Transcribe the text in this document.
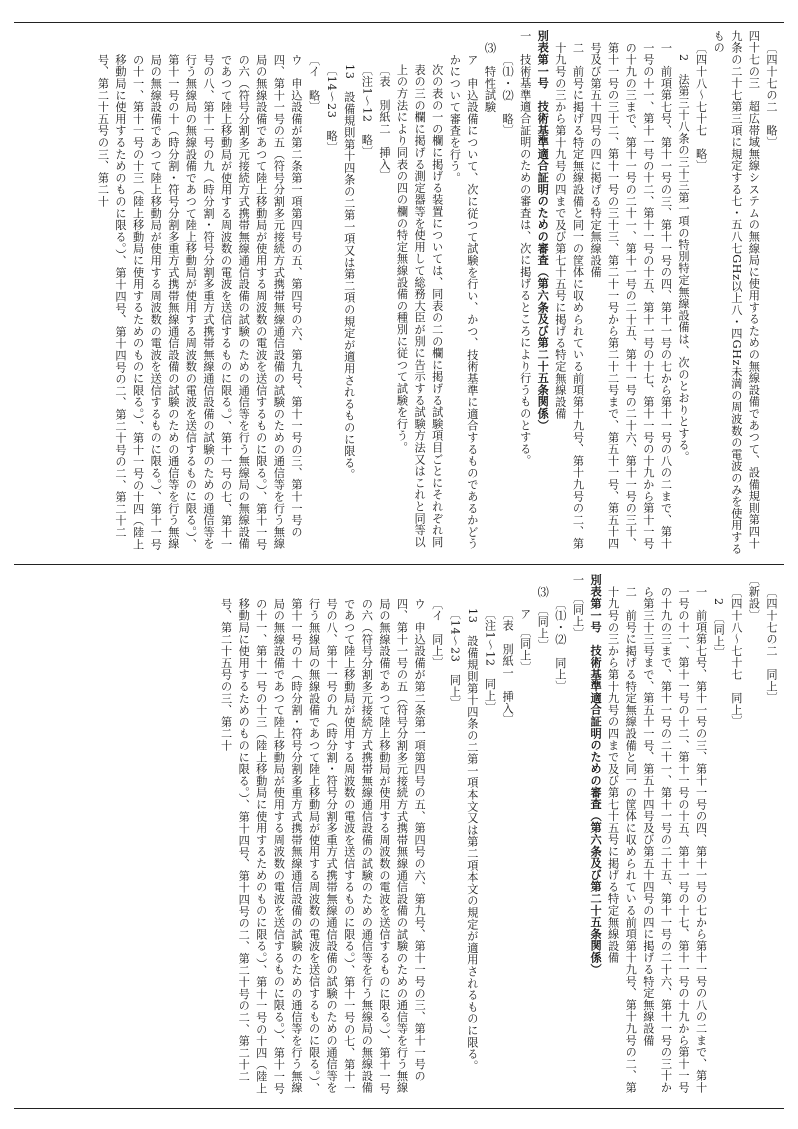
〔四十七の二　略〕

四十七の三　超広帯域無線システムの無線局に使用するための無線設備であつて、設備規則第四十九条の二十七第三項に規定する七・五八七GHz以上八・四GHz未満の周波数の電波のみを使用するもの

〔四十八〜七十七　略〕

2　法第三十八条の三十三第一項の特別特定無線設備は、次のとおりとする。

一　前項第七号、第十一号の三、第十一号の四、第十一号の七から第十一号の八の二まで、第十一号の十一、第十一号の十二、第十一号の十五、第十一号の十七、第十一号の十九から第十一号の十九の三まで、第十一号の二十一、第十一号の二十五、第十一号の二十六、第十一号の三十、第十一号の三十二、第十一号の三十三、第二十一号から第二十二号まで、第五十一号、第五十四号及び第五十四号の四に掲げる特定無線設備

二　前号に掲げる特定無線設備と同一の筐体に収められている前項第十九号、第十九号の二、第十九号の三から第十九号の四まで及び第七十五号に掲げる特定無線設備

別表第一号　技術基準適合証明のための審査（第六条及び第二十五条関係）

一　技術基準適合証明のための審査は、次に掲げるところにより行うものとする。

〔⑴・⑵　略〕

⑶　特性試験

ア　申込設備について、次に従つて試験を行い、かつ、技術基準に適合するものであるかどうかについて審査を行う。

次の表の一の欄に掲げる装置については、同表の二の欄に掲げる試験項目ごとにそれぞれ同表の三の欄に掲げる測定器等を使用して総務大臣が別に告示する試験方法又はこれと同等以上の方法により同表の四の欄の特定無線設備の種別に従つて試験を行う。

〔表　別紙二　挿入〕

〔注1〜12　略〕

13　設備規則第十四条の二第一項又は第二項の規定が適用されるものに限る。

〔14〜23　略〕

〔イ　略〕

ウ　申込設備が第二条第一項第四号の五、第四号の六、第九号、第十一号の三、第十一号の四、第十一号の五（符号分割多元接続方式携帯無線通信設備の試験のための通信等を行う無線局の無線設備であつて陸上移動局が使用する周波数の電波を送信するものに限る。）、第十一号の六（符号分割多元接続方式携帯無線通信設備の試験のための通信等を行う無線局の無線設備であつて陸上移動局が使用する周波数の電波を送信するものに限る。）、第十一号の七、第十一号の八、第十一号の九（時分割・符号分割多重方式携帯無線通信設備の試験のための通信等を行う無線局の無線設備であつて陸上移動局が使用する周波数の電波を送信するものに限る。）、第十一号の十（時分割・符号分割多重方式携帯無線通信設備の試験のための通信等を行う無線局の無線設備であつて陸上移動局が使用する周波数の電波を送信するものに限る。）、第十一号の十一、第十一号の十三（陸上移動局に使用するためのものに限る。）、第十一号の十四（陸上移動局に使用するためのものに限る。）、第十四号、第十四号の二、第二十号の二、第二十二号、第二十五号の三、第二十

〔四十七の二　同上〕

〔新設〕

〔四十八〜七十七　同上〕

2　〔同上〕

一　前項第七号、第十一号の三、第十一号の四、第十一号の七から第十一号の八の二まで、第十一号の十一、第十一号の十二、第十一号の十五、第十一号の十七、第十一号の十九から第十一号の十九の三まで、第十一号の二十一、第十一号の二十五、第十一号の二十六、第十一号の三十から第三十三号まで、第五十一号、第五十四号及び第五十四号の四に掲げる特定無線設備

二　前号に掲げる特定無線設備と同一の筐体に収められている前項第十九号、第十九号の二、第十九号の三から第十九号の四まで及び第七十五号に掲げる特定無線設備

別表第一号　技術基準適合証明のための審査（第六条及び第二十五条関係）

一　〔同上〕

〔⑴・⑵　同上〕

⑶　〔同上〕

ア　〔同上〕

〔表　別紙一　挿入〕

〔注1〜12　同上〕

13　設備規則第十四条の二第一項本文又は第二項本文の規定が適用されるものに限る。

〔14〜23　同上〕

〔イ　同上〕

ウ　申込設備が第二条第一項第四号の五、第四号の六、第九号、第十一号の三、第十一号の四、第十一号の五（符号分割多元接続方式携帯無線通信設備の試験のための通信等を行う無線局の無線設備であつて陸上移動局が使用する周波数の電波を送信するものに限る。）、第十一号の六（符号分割多元接続方式携帯無線通信設備の試験のための通信等を行う無線局の無線設備であつて陸上移動局が使用する周波数の電波を送信するものに限る。）、第十一号の七、第十一号の八、第十一号の九（時分割・符号分割多重方式携帯無線通信設備の試験のための通信等を行う無線局の無線設備であつて陸上移動局が使用する周波数の電波を送信するものに限る。）、第十一号の十（時分割・符号分割多重方式携帯無線通信設備の試験のための通信等を行う無線局の無線設備であつて陸上移動局が使用する周波数の電波を送信するものに限る。）、第十一号の十一、第十一号の十三（陸上移動局に使用するためのものに限る。）、第十一号の十四（陸上移動局に使用するためのものに限る。）、第十四号、第十四号の二、第二十号の二、第二十二号、第二十五号の三、第二十
